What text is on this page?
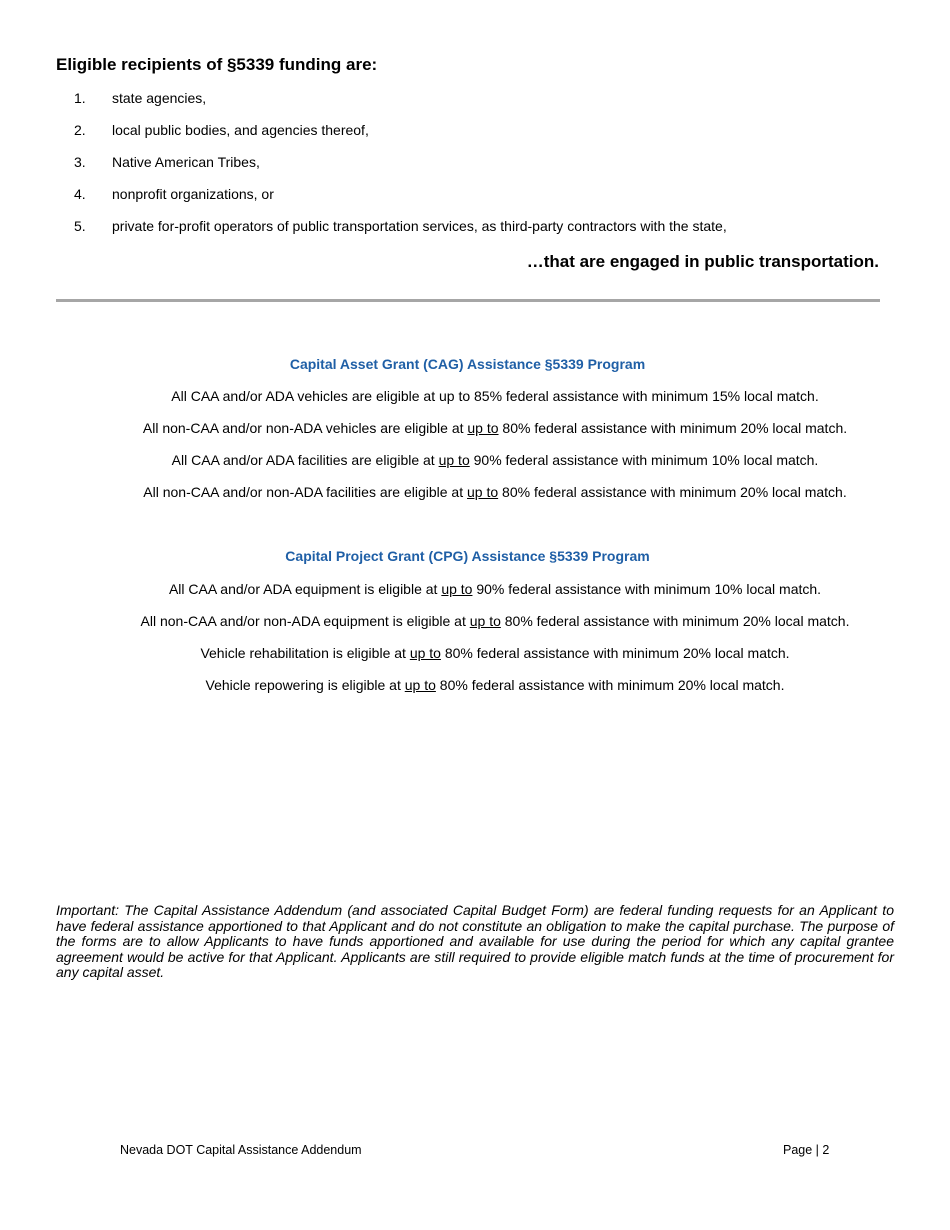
Eligible recipients of §5339 funding are:
1.	state agencies,
2.	local public bodies, and agencies thereof,
3.	Native American Tribes,
4.	nonprofit organizations, or
5.	private for-profit operators of public transportation services, as third-party contractors with the state,

…that are engaged in public transportation.

Capital Asset Grant (CAG) Assistance §5339 Program

All CAA and/or ADA vehicles are eligible at up to 85% federal assistance with minimum 15% local match.

All non-CAA and/or non-ADA vehicles are eligible at up to 80% federal assistance with minimum 20% local match.

All CAA and/or ADA facilities are eligible at up to 90% federal assistance with minimum 10% local match.

All non-CAA and/or non-ADA facilities are eligible at up to 80% federal assistance with minimum 20% local match.

Capital Project Grant (CPG) Assistance §5339 Program

All CAA and/or ADA equipment is eligible at up to 90% federal assistance with minimum 10% local match.

All non-CAA and/or non-ADA equipment is eligible at up to 80% federal assistance with minimum 20% local match.

Vehicle rehabilitation is eligible at up to 80% federal assistance with minimum 20% local match.

Vehicle repowering is eligible at up to 80% federal assistance with minimum 20% local match.

Important: The Capital Assistance Addendum (and associated Capital Budget Form) are federal funding requests for an Applicant to have federal assistance apportioned to that Applicant and do not constitute an obligation to make the capital purchase. The purpose of the forms are to allow Applicants to have funds apportioned and available for use during the period for which any capital grantee agreement would be active for that Applicant. Applicants are still required to provide eligible match funds at the time of procurement for any capital asset.

Nevada DOT Capital Assistance Addendum	Page | 2
